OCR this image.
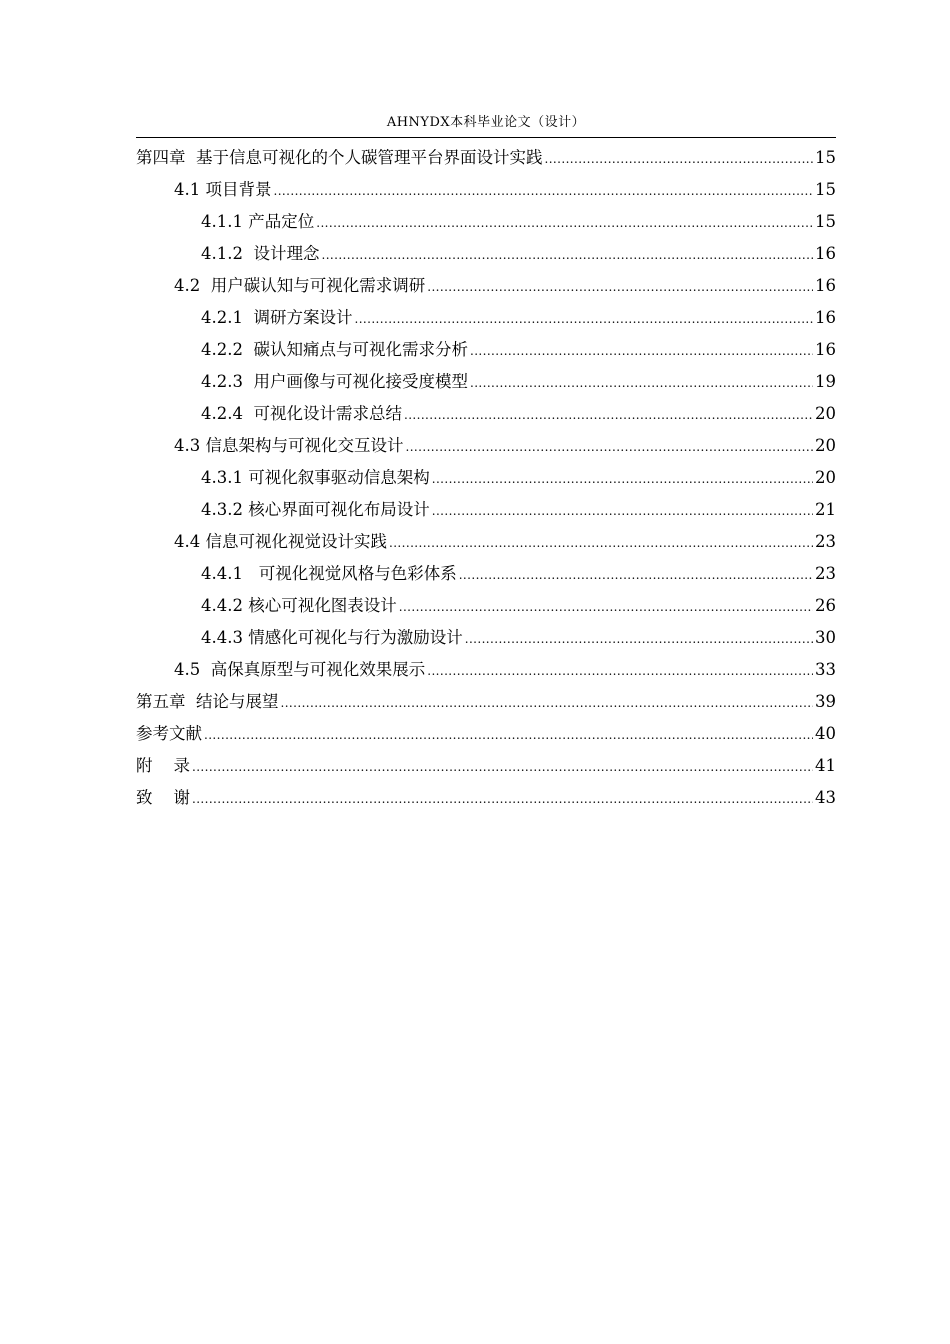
AHNYDX本科毕业论文（设计）
第四章  基于信息可视化的个人碳管理平台界面设计实践 .....	15
4.1 项目背景 .....	15
4.1.1 产品定位 .....	15
4.1.2  设计理念 .....	16
4.2  用户碳认知与可视化需求调研 .....	16
4.2.1  调研方案设计 .....	16
4.2.2  碳认知痛点与可视化需求分析 .....	16
4.2.3  用户画像与可视化接受度模型 .....	19
4.2.4  可视化设计需求总结 .....	20
4.3 信息架构与可视化交互设计 .....	20
4.3.1 可视化叙事驱动信息架构 .....	20
4.3.2 核心界面可视化布局设计 .....	21
4.4 信息可视化视觉设计实践 .....	23
4.4.1   可视化视觉风格与色彩体系 .....	23
4.4.2 核心可视化图表设计 .....	26
4.4.3 情感化可视化与行为激励设计 .....	30
4.5  高保真原型与可视化效果展示 .....	33
第五章  结论与展望 .....	39
参考文献 .....	40
附    录 .....	41
致    谢 .....	43
